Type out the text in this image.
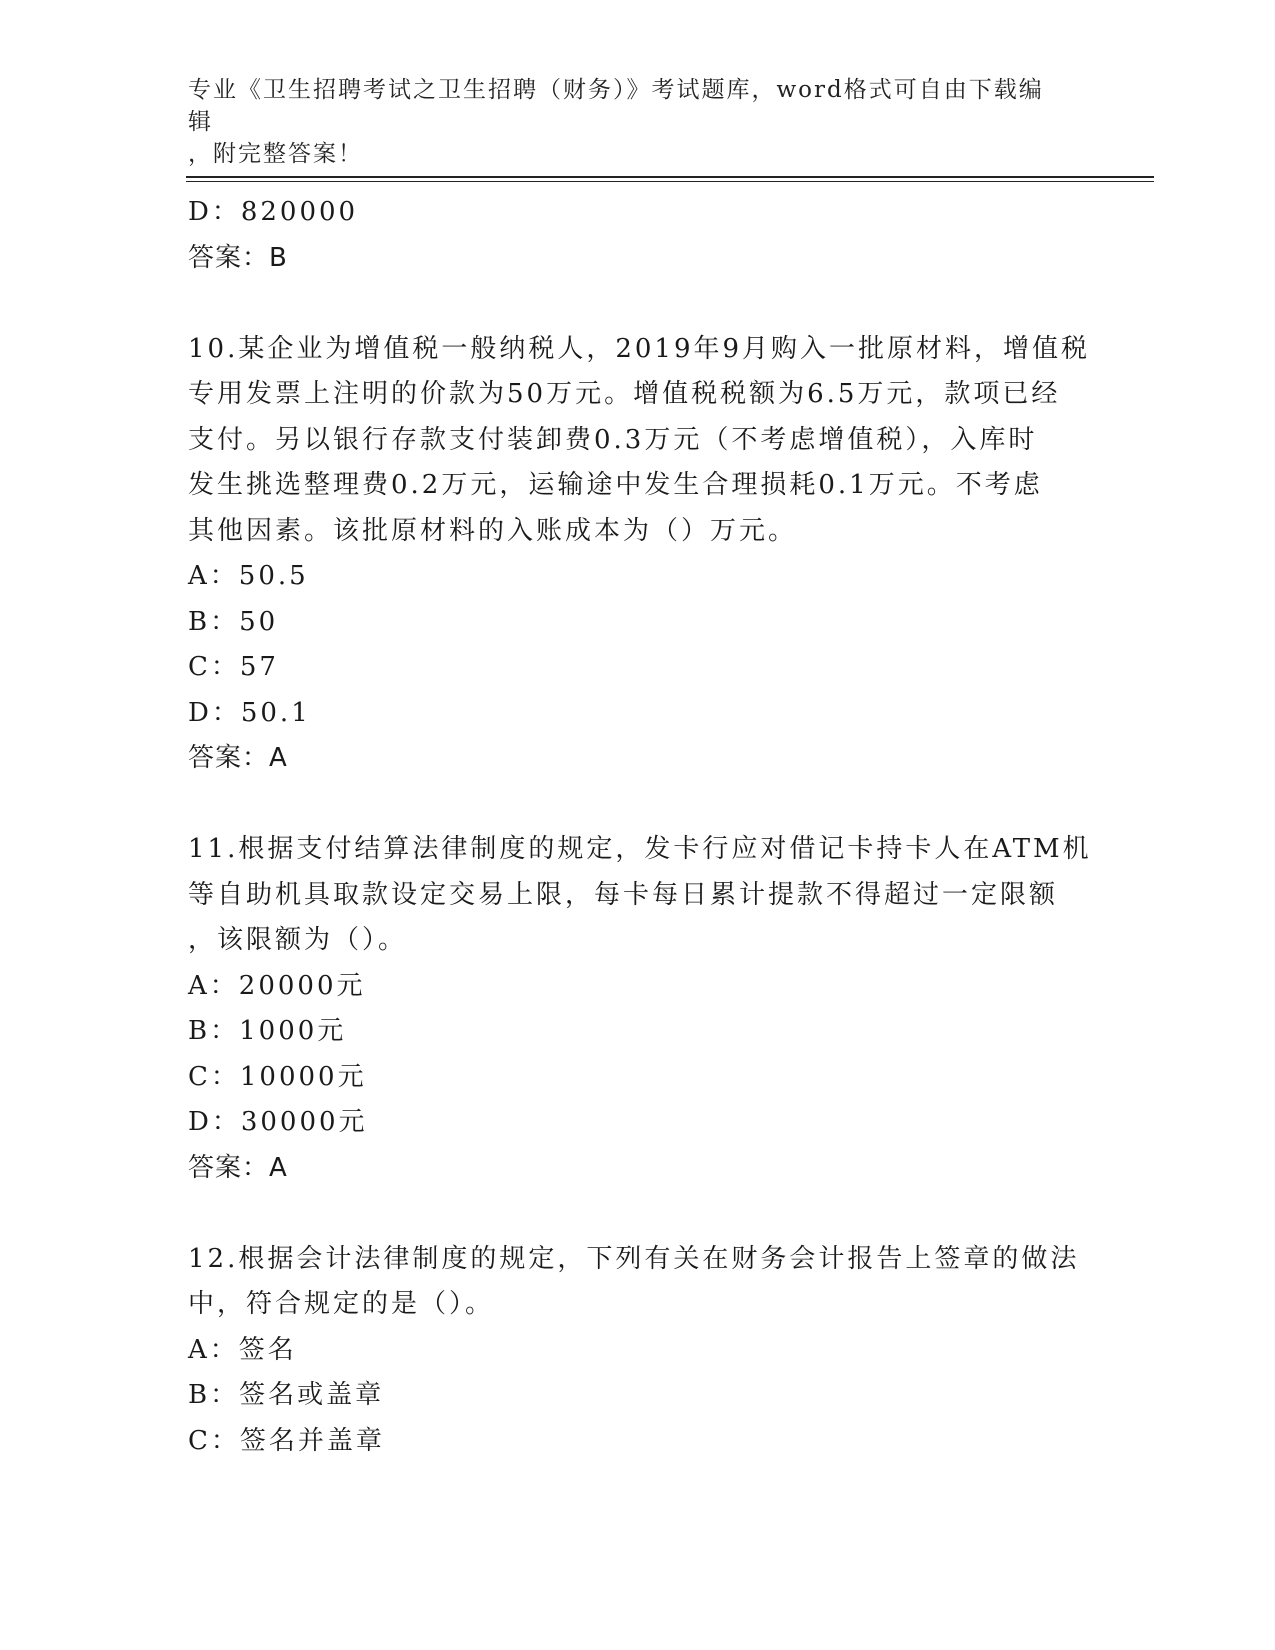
专业《卫生招聘考试之卫生招聘（财务）》考试题库，word格式可自由下载编辑
，附完整答案！

D：820000

答案：B

10.某企业为增值税一般纳税人，2019年9月购入一批原材料，增值税
专用发票上注明的价款为50万元。增值税税额为6.5万元，款项已经
支付。另以银行存款支付装卸费0.3万元（不考虑增值税），入库时
发生挑选整理费0.2万元，运输途中发生合理损耗0.1万元。不考虑
其他因素。该批原材料的入账成本为（）万元。

A：50.5

B：50

C：57

D：50.1

答案：A

11.根据支付结算法律制度的规定，发卡行应对借记卡持卡人在ATM机
等自助机具取款设定交易上限，每卡每日累计提款不得超过一定限额
，该限额为（）。

A：20000元

B：1000元

C：10000元

D：30000元

答案：A

12.根据会计法律制度的规定，下列有关在财务会计报告上签章的做法
中，符合规定的是（）。

A：签名

B：签名或盖章

C：签名并盖章
